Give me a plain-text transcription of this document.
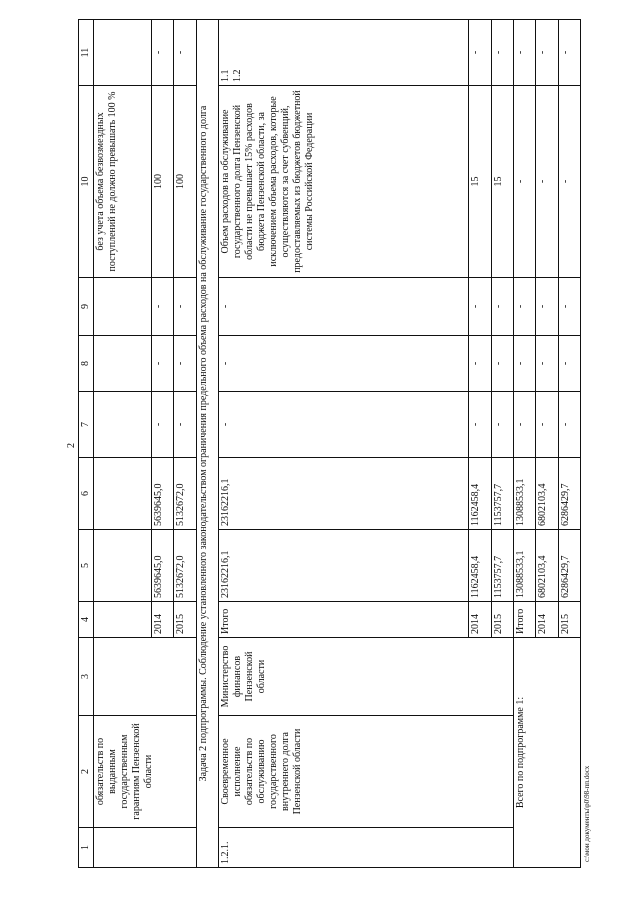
2
c:\мои документы\p0\98-пп.docx
1	2	3	4	5	6	7	8	9	10	11
	обязательств по выданным государственным гарантиям Пензенской области								без учета объема безвозмездных поступлений не должно превышать 100 %	
			2014	5639645,0	5639645,0	-	-	-	100	-
			2015	5132672,0	5132672,0	-	-	-	100	-
Задача 2 подпрограммы. Соблюдение установленного законодательством ограничения предельного объема расходов на обслуживание государственного долга										
1.2.1.	Своевременное исполнение обязательств по обслуживанию государственного внутреннего долга Пензенской области	Министерство финансов Пензенской области	Итого	23162216,1	23162216,1	-	-	-	Объем расходов на обслуживание государственного долга Пензенской области не превышает 15% расходов бюджета Пензенской области, за исключением объема расходов, которые осуществляются за счет субвенций, предоставляемых из бюджетов бюджетной системы Российской Федерации	1.1 1.2

			2014	1162458,4	1162458,4	-	-	-	15	-
			2015	1153757,7	1153757,7	-	-	-	15	-
Всего по подпрограмме 1:			Итого	13088533,1	13088533,1	-	-	-	-	-
			2014	6802103,4	6802103,4	-	-	-	-	-
			2015	6286429,7	6286429,7	-	-	-	-	-
